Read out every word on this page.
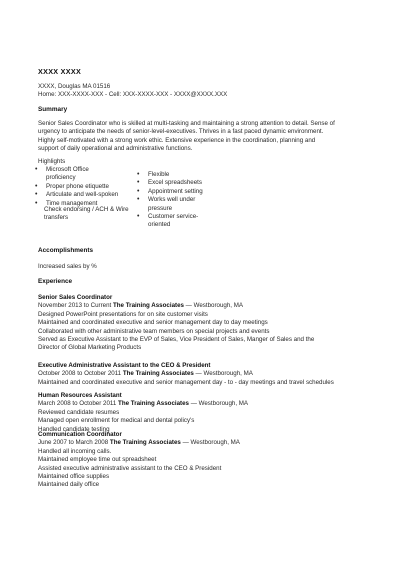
XXXX XXXX
XXXX, Douglas MA 01516
Home: XXX-XXXX-XXX - Cell: XXX-XXXX-XXX - XXXX@XXXX.XXX
Summary
Senior Sales Coordinator who is skilled at multi-tasking and maintaining a strong attention to detail. Sense of
urgency to anticipate the needs of senior-level-executives. Thrives in a fast paced dynamic environment.
Highly self-motivated with a strong work ethic. Extensive experience in the coordination, planning and
support of daily operational and administrative functions.
Highlights
• Microsoft Office proficiency
• Proper phone etiquette
• Articulate and well-spoken
• Time management
Check endorsing / ACH & Wire transfers
• Flexible
• Excel spreadsheets
• Appointment setting
• Works well under pressure
• Customer service-oriented
Accomplishments
Increased sales by %
Experience
Senior Sales Coordinator
November 2013 to Current The Training Associates — Westborough, MA
Designed PowerPoint presentations for on site customer visits
Maintained and coordinated executive and senior management day to day meetings
Collaborated with other administrative team members on special projects and events
Served as Executive Assistant to the EVP of Sales, Vice President of Sales, Manger of Sales and the
Director of Global Marketing Products
Executive Administrative Assistant to the CEO & President
October 2008 to October 2011 The Training Associates — Westborough, MA
Maintained and coordinated executive and senior management day - to - day meetings and travel schedules
Human Resources Assistant
March 2008 to October 2011 The Training Associates — Westborough, MA
Reviewed candidate resumes
Managed open enrollment for medical and dental policy's
Handled candidate testing
Communication Coordinator
June 2007 to March 2008 The Training Associates — Westborough, MA
Handled all incoming calls.
Maintained employee time out spreadsheet
Assisted executive administrative assistant to the CEO & President
Maintained office supplies
Maintained daily office
